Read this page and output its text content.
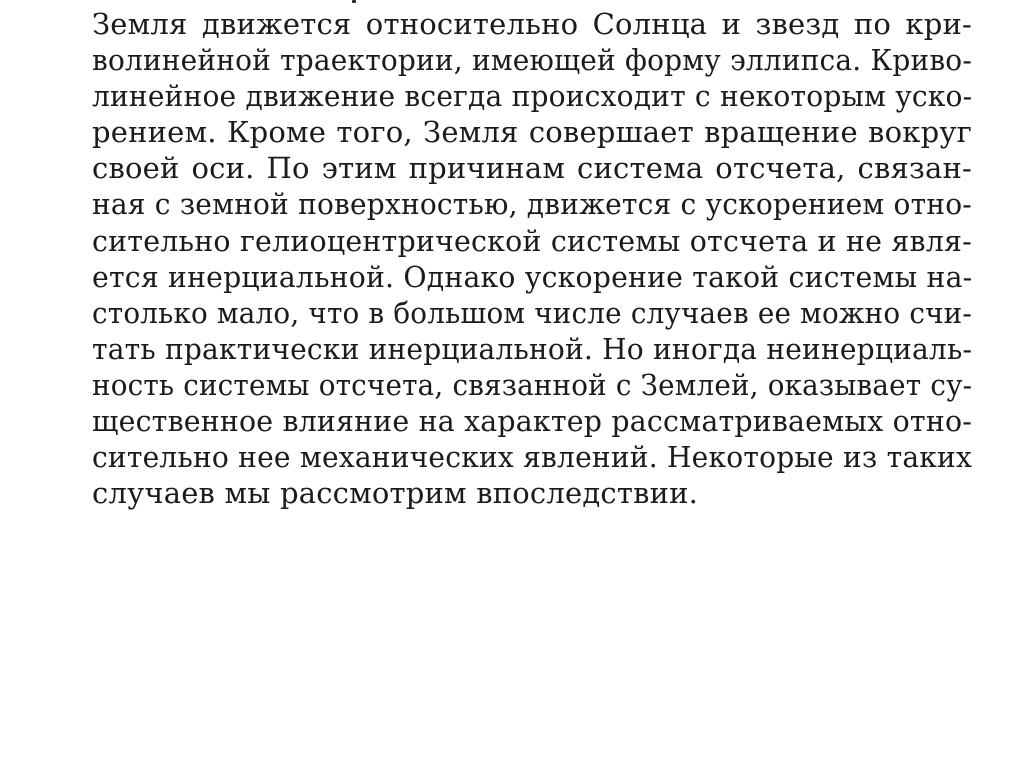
Земля движется относительно Солнца и звезд по кри-
волинейной траектории, имеющей форму эллипса. Криво-
линейное движение всегда происходит с некоторым уско-
рением. Кроме того, Земля совершает вращение вокруг
своей оси. По этим причинам система отсчета, связан-
ная с земной поверхностью, движется с ускорением отно-
сительно гелиоцентрической системы отсчета и не явля-
ется инерциальной. Однако ускорение такой системы на-
столько мало, что в большом числе случаев ее можно счи-
тать практически инерциальной. Но иногда неинерциаль-
ность системы отсчета, связанной с Землей, оказывает су-
щественное влияние на характер рассматриваемых отно-
сительно нее механических явлений. Некоторые из таких
случаев мы рассмотрим впоследствии.
